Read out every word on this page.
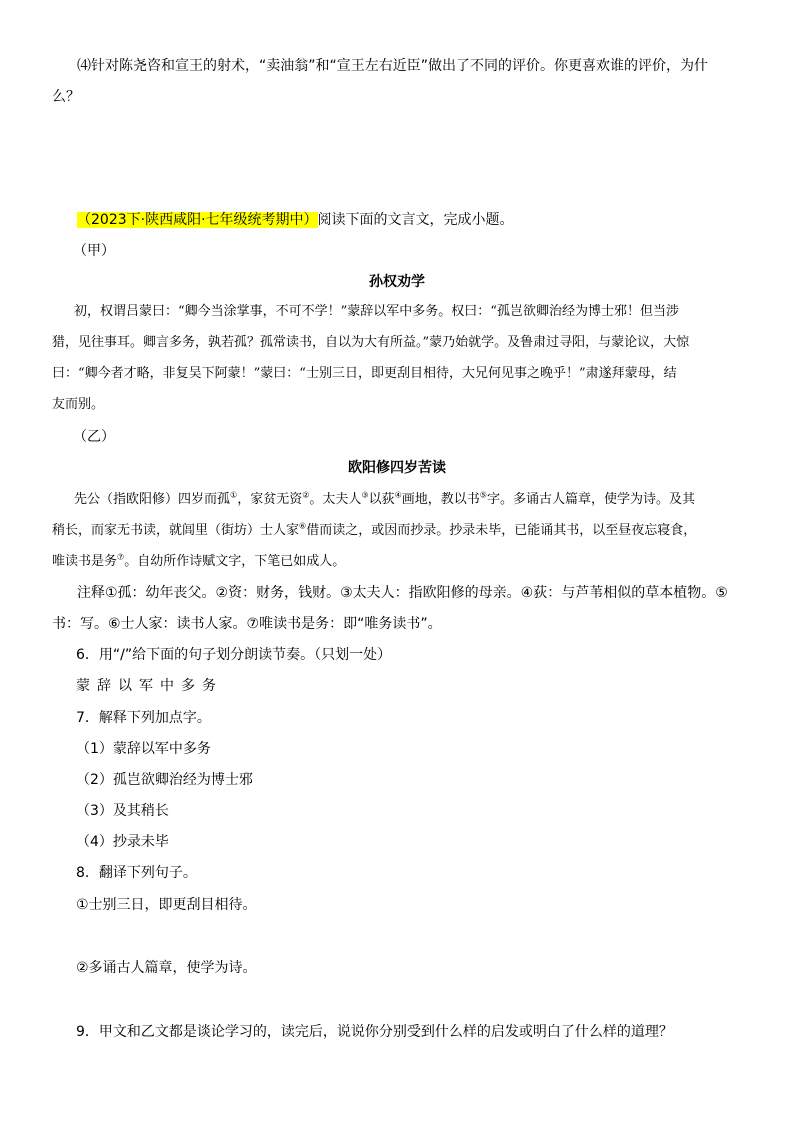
⑷针对陈尧咨和宣王的射术，“卖油翁”和“宣王左右近臣”做出了不同的评价。你更喜欢谁的评价，为什
么？
（2023下·陕西咸阳·七年级统考期中）阅读下面的文言文，完成小题。
（甲）
孙权劝学
初，权谓吕蒙曰：“卿今当涂掌事，不可不学！”蒙辞以军中多务。权曰：“孤岂欲卿治经为博士邪！但当涉
猎，见往事耳。卿言多务，孰若孤？孤常读书，自以为大有所益。”蒙乃始就学。及鲁肃过寻阳，与蒙论议，大惊
曰：“卿今者才略，非复吴下阿蒙！”蒙曰：“士别三日，即更刮目相待，大兄何见事之晚乎！”肃遂拜蒙母，结
友而别。
（乙）
欧阳修四岁苦读
先公（指欧阳修）四岁而孤①，家贫无资②。太夫人③以荻④画地，教以书⑤字。多诵古人篇章，使学为诗。及其
稍长，而家无书读，就闾里（街坊）士人家⑥借而读之，或因而抄录。抄录未毕，已能诵其书，以至昼夜忘寝食，
唯读书是务⑦。自幼所作诗赋文字，下笔已如成人。
注释①孤：幼年丧父。②资：财务，钱财。③太夫人：指欧阳修的母亲。④荻：与芦苇相似的草本植物。⑤
书：写。⑥士人家：读书人家。⑦唯读书是务：即“唯务读书”。
6．用“/”给下面的句子划分朗读节奏。（只划一处）
蒙辞以军中多务
7．解释下列加点字。
（1）蒙辞以军中多务
（2）孤岂欲卿治经为博士邪
（3）及其稍长
（4）抄录未毕
8．翻译下列句子。
①士别三日，即更刮目相待。
②多诵古人篇章，使学为诗。
9．甲文和乙文都是谈论学习的，读完后，说说你分别受到什么样的启发或明白了什么样的道理？
